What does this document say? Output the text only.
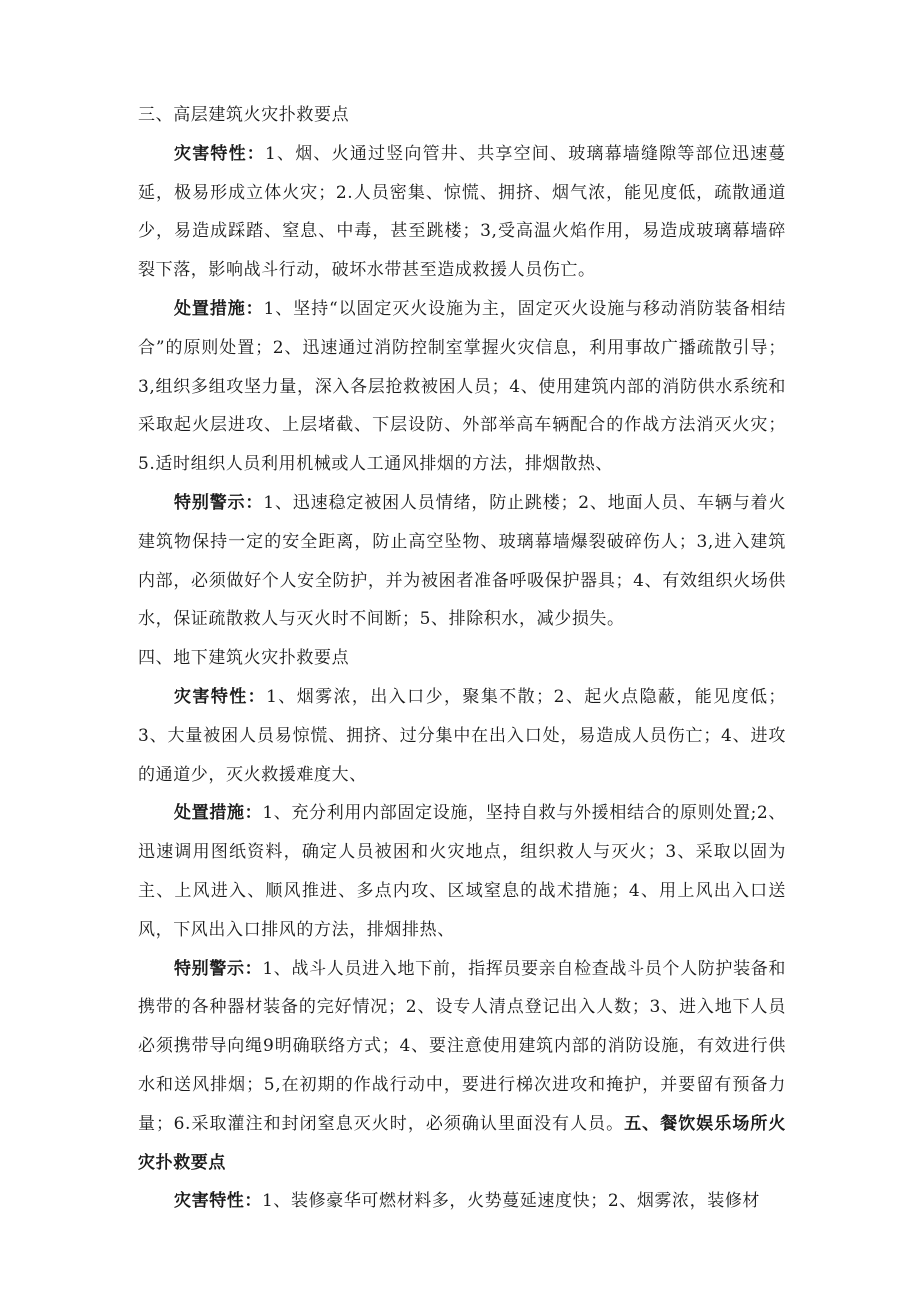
三、高层建筑火灾扑救要点

灾害特性：1、烟、火通过竖向管井、共享空间、玻璃幕墙缝隙等部位迅速蔓延，极易形成立体火灾；2.人员密集、惊慌、拥挤、烟气浓，能见度低，疏散通道少，易造成踩踏、窒息、中毒，甚至跳楼；3,受高温火焰作用，易造成玻璃幕墙碎裂下落，影响战斗行动，破坏水带甚至造成救援人员伤亡。

处置措施：1、坚持“以固定灭火设施为主，固定灭火设施与移动消防装备相结合”的原则处置；2、迅速通过消防控制室掌握火灾信息，利用事故广播疏散引导；3,组织多组攻坚力量，深入各层抢救被困人员；4、使用建筑内部的消防供水系统和采取起火层进攻、上层堵截、下层设防、外部举高车辆配合的作战方法消灭火灾；5.适时组织人员利用机械或人工通风排烟的方法，排烟散热、

特别警示：1、迅速稳定被困人员情绪，防止跳楼；2、地面人员、车辆与着火建筑物保持一定的安全距离，防止高空坠物、玻璃幕墙爆裂破碎伤人；3,进入建筑内部，必须做好个人安全防护，并为被困者准备呼吸保护器具；4、有效组织火场供水，保证疏散救人与灭火时不间断；5、排除积水，减少损失。

四、地下建筑火灾扑救要点

灾害特性：1、烟雾浓，出入口少，聚集不散；2、起火点隐蔽，能见度低；3、大量被困人员易惊慌、拥挤、过分集中在出入口处，易造成人员伤亡；4、进攻的通道少，灭火救援难度大、

处置措施：1、充分利用内部固定设施，坚持自救与外援相结合的原则处置;2、迅速调用图纸资料，确定人员被困和火灾地点，组织救人与灭火；3、采取以固为主、上风进入、顺风推进、多点内攻、区域窒息的战术措施；4、用上风出入口送风，下风出入口排风的方法，排烟排热、

特别警示：1、战斗人员进入地下前，指挥员要亲自检查战斗员个人防护装备和携带的各种器材装备的完好情况；2、设专人清点登记出入人数；3、进入地下人员必须携带导向绳9明确联络方式；4、要注意使用建筑内部的消防设施，有效进行供水和送风排烟；5,在初期的作战行动中，要进行梯次进攻和掩护，并要留有预备力量；6.采取灌注和封闭窒息灭火时，必须确认里面没有人员。五、餐饮娱乐场所火灾扑救要点

灾害特性：1、装修豪华可燃材料多，火势蔓延速度快；2、烟雾浓，装修材
